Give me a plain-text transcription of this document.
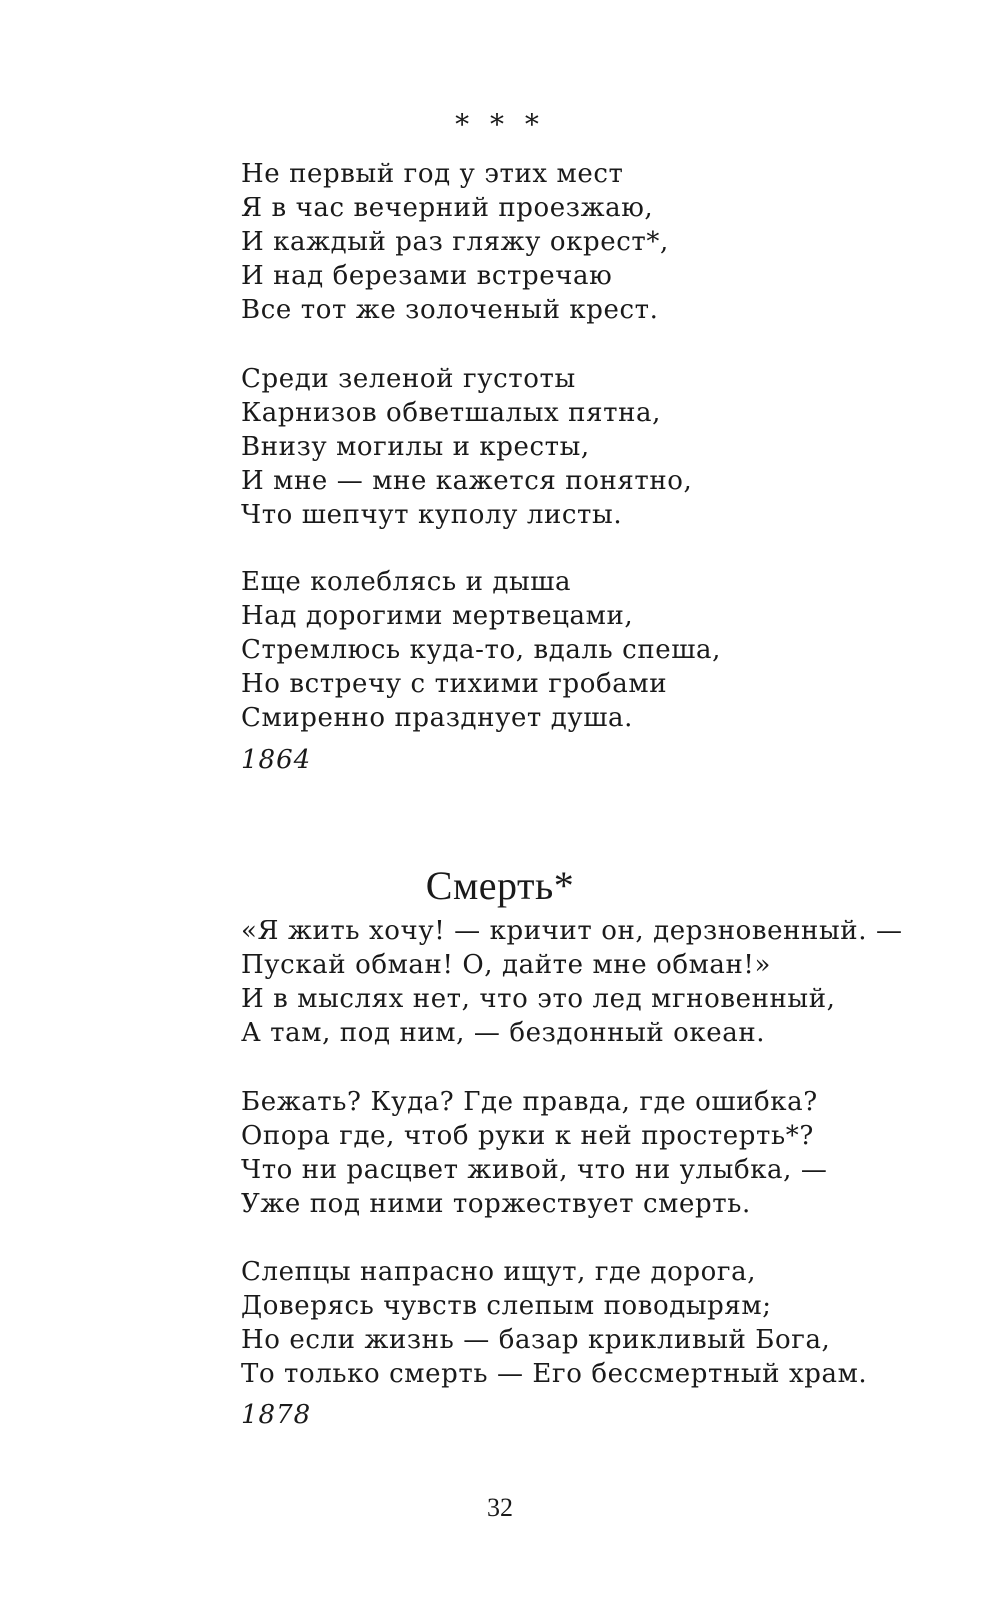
* * *
Не первый год у этих мест
Я в час вечерний проезжаю,
И каждый раз гляжу окрест*,
И над березами встречаю
Все тот же золоченый крест.
Среди зеленой густоты
Карнизов обветшалых пятна,
Внизу могилы и кресты,
И мне — мне кажется понятно,
Что шепчут куполу листы.
Еще колеблясь и дыша
Над дорогими мертвецами,
Стремлюсь куда-то, вдаль спеша,
Но встречу с тихими гробами
Смиренно празднует душа.
1864
Смерть*
«Я жить хочу! — кричит он, дерзновенный. —
Пускай обман! О, дайте мне обман!»
И в мыслях нет, что это лед мгновенный,
А там, под ним, — бездонный океан.
Бежать? Куда? Где правда, где ошибка?
Опора где, чтоб руки к ней простерть*?
Что ни расцвет живой, что ни улыбка, —
Уже под ними торжествует смерть.
Слепцы напрасно ищут, где дорога,
Доверясь чувств слепым поводырям;
Но если жизнь — базар крикливый Бога,
То только смерть — Его бессмертный храм.
1878
32
